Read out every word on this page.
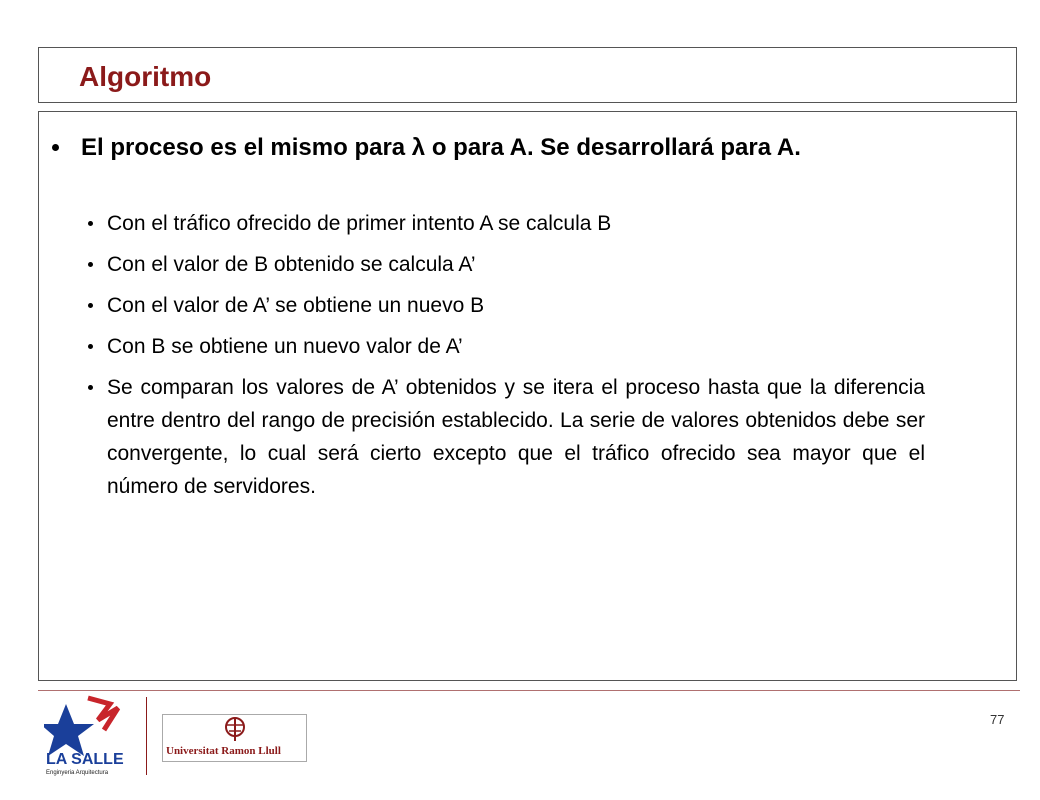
Algoritmo
El proceso es el mismo para λ o para A. Se desarrollará para A.
Con el tráfico ofrecido de primer intento A se calcula B
Con el valor de B obtenido se calcula A’
Con el valor de A’ se obtiene un nuevo B
Con B se obtiene un nuevo valor de A’
Se comparan los valores de A’ obtenidos y se itera el proceso hasta que la diferencia entre dentro del rango de precisión establecido. La serie de valores obtenidos debe ser convergente, lo cual será cierto excepto que el tráfico ofrecido sea mayor que el número de servidores.
77
LA SALLE
Enginyeria Arquitectura
Universitat Ramon Llull
